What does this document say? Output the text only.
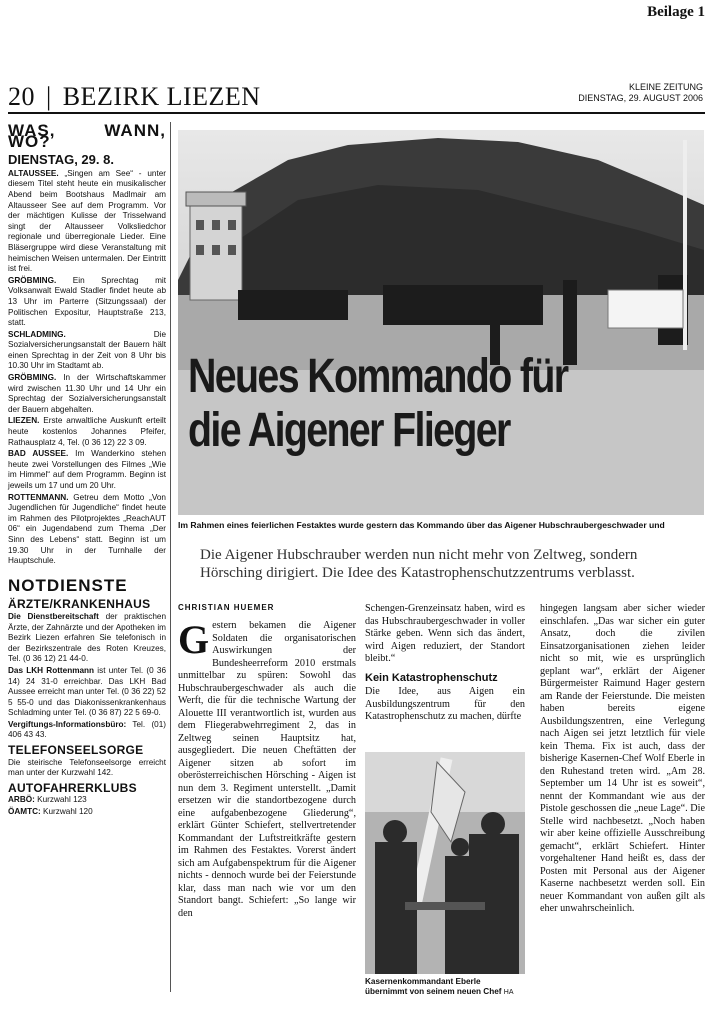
Beilage 1
20 | BEZIRK LIEZEN	KLEINE ZEITUNG
DIENSTAG, 29. AUGUST 2006

WAS, WANN, WO?

DIENSTAG, 29. 8.

ALTAUSSEE. „Singen am See“ - unter diesem Titel steht heute ein musikalischer Abend beim Bootshaus Madlmair am Altausseer See auf dem Programm. Vor der mächtigen Kulisse der Trisselwand singt der Altausseer Volksliedchor regionale und überregionale Lieder. Eine Bläsergruppe wird diese Veranstaltung mit heimischen Weisen untermalen. Der Eintritt ist frei.

GRÖBMING. Ein Sprechtag mit Volksanwalt Ewald Stadler findet heute ab 13 Uhr im Parterre (Sitzungssaal) der Politischen Expositur, Hauptstraße 213, statt.

SCHLADMING. Die Sozialversicherungsanstalt der Bauern hält einen Sprechtag in der Zeit von 8 Uhr bis 10.30 Uhr im Stadtamt ab.

GRÖBMING. In der Wirtschaftskammer wird zwischen 11.30 Uhr und 14 Uhr ein Sprechtag der Sozialversicherungsanstalt der Bauern abgehalten.

LIEZEN. Erste anwaltliche Auskunft erteilt heute kostenlos Johannes Pfeifer, Rathausplatz 4, Tel. (0 36 12) 22 3 09.

BAD AUSSEE. Im Wanderkino stehen heute zwei Vorstellungen des Filmes „Wie im Himmel“ auf dem Programm. Beginn ist jeweils um 17 und um 20 Uhr.

ROTTENMANN. Getreu dem Motto „Von Jugendlichen für Jugendliche“ findet heute im Rahmen des Pilotprojektes „ReachAUT 06“ ein Jugendabend zum Thema „Der Sinn des Lebens“ statt. Beginn ist um 19.30 Uhr in der Turnhalle der Hauptschule.

NOTDIENSTE

ÄRZTE/KRANKENHAUS

Die Dienstbereitschaft der praktischen Ärzte, der Zahnärzte und der Apotheken im Bezirk Liezen erfahren Sie telefonisch in der Bezirkszentrale des Roten Kreuzes, Tel. (0 36 12) 21 44-0.

Das LKH Rottenmann ist unter Tel. (0 36 14) 24 31-0 erreichbar. Das LKH Bad Aussee erreicht man unter Tel. (0 36 22) 52 5 55-0 und das Diakonissenkrankenhaus Schladming unter Tel. (0 36 87) 22 5 69-0.

Vergiftungs-Informationsbüro: Tel. (01) 406 43 43.

TELEFONSEELSORGE

Die steirische Telefonseelsorge erreicht man unter der Kurzwahl 142.

AUTOFAHRERKLUBS

ARBÖ: Kurzwahl 123

ÖAMTC: Kurzwahl 120

Neues Kommando für
die Aigener Flieger
Im Rahmen eines feierlichen Festaktes wurde gestern das Kommando über das Aigener Hubschraubergeschwader und
Die Aigener Hubschrauber werden nun nicht mehr von Zeltweg, sondern Hörsching dirigiert. Die Idee des Katastrophenschutzzentrums verblasst.
CHRISTIAN HUEMER

Gestern bekamen die Aigener Soldaten die organisatorischen Auswirkungen der Bundesheerreform 2010 erstmals unmittelbar zu spüren: Sowohl das Hubschraubergeschwader als auch die Werft, die für die technische Wartung der Alouette III verantwortlich ist, wurden aus dem Fliegerabwehrregiment 2, das in Zeltweg seinen Hauptsitz hat, ausgegliedert. Die neuen Cheftätten der Aigener sitzen ab sofort im oberösterreichischen Hörsching - Aigen ist nun dem 3. Regiment unterstellt. „Damit ersetzen wir die standortbezogene durch eine aufgabenbezogene Gliederung“, erklärt Günter Schiefert, stellvertretender Kommandant der Luftstreitkräfte gestern im Rahmen des Festaktes. Vorerst ändert sich am Aufgabenspektrum für die Aigener nichts - dennoch wurde bei der Feierstunde klar, dass man nach wie vor um den Standort bangt. Schiefert: „So lange wir den

Schengen-Grenzeinsatz haben, wird es das Hubschraubergeschwader in voller Stärke geben. Wenn sich das ändert, wird Aigen reduziert, der Standort bleibt.“

Kein Katastrophenschutz

Die Idee, aus Aigen ein Ausbildungszentrum für den Katastrophenschutz zu machen, dürfte

Kasernenkommandant Eberle übernimmt von seinem neuen Chef HA

hingegen langsam aber sicher wieder einschlafen. „Das war sicher ein guter Ansatz, doch die zivilen Einsatzorganisationen ziehen leider nicht so mit, wie es ursprünglich geplant war“, erklärt der Aigener Bürgermeister Raimund Hager gestern am Rande der Feierstunde. Die meisten haben bereits eigene Ausbildungszentren, eine Verlegung nach Aigen sei jetzt letztlich für viele kein Thema. Fix ist auch, dass der bisherige Kasernen-Chef Wolf Eberle in den Ruhestand treten wird. „Am 28. September um 14 Uhr ist es soweit“, nennt der Kommandant wie aus der Pistole geschossen die „neue Lage“. Die Stelle wird nachbesetzt. „Noch haben wir aber keine offizielle Ausschreibung gemacht“, erklärt Schiefert. Hinter vorgehaltener Hand heißt es, dass der Posten mit Personal aus der Aigener Kaserne nachbesetzt werden soll. Ein neuer Kommandant von außen gilt als eher unwahrscheinlich.
